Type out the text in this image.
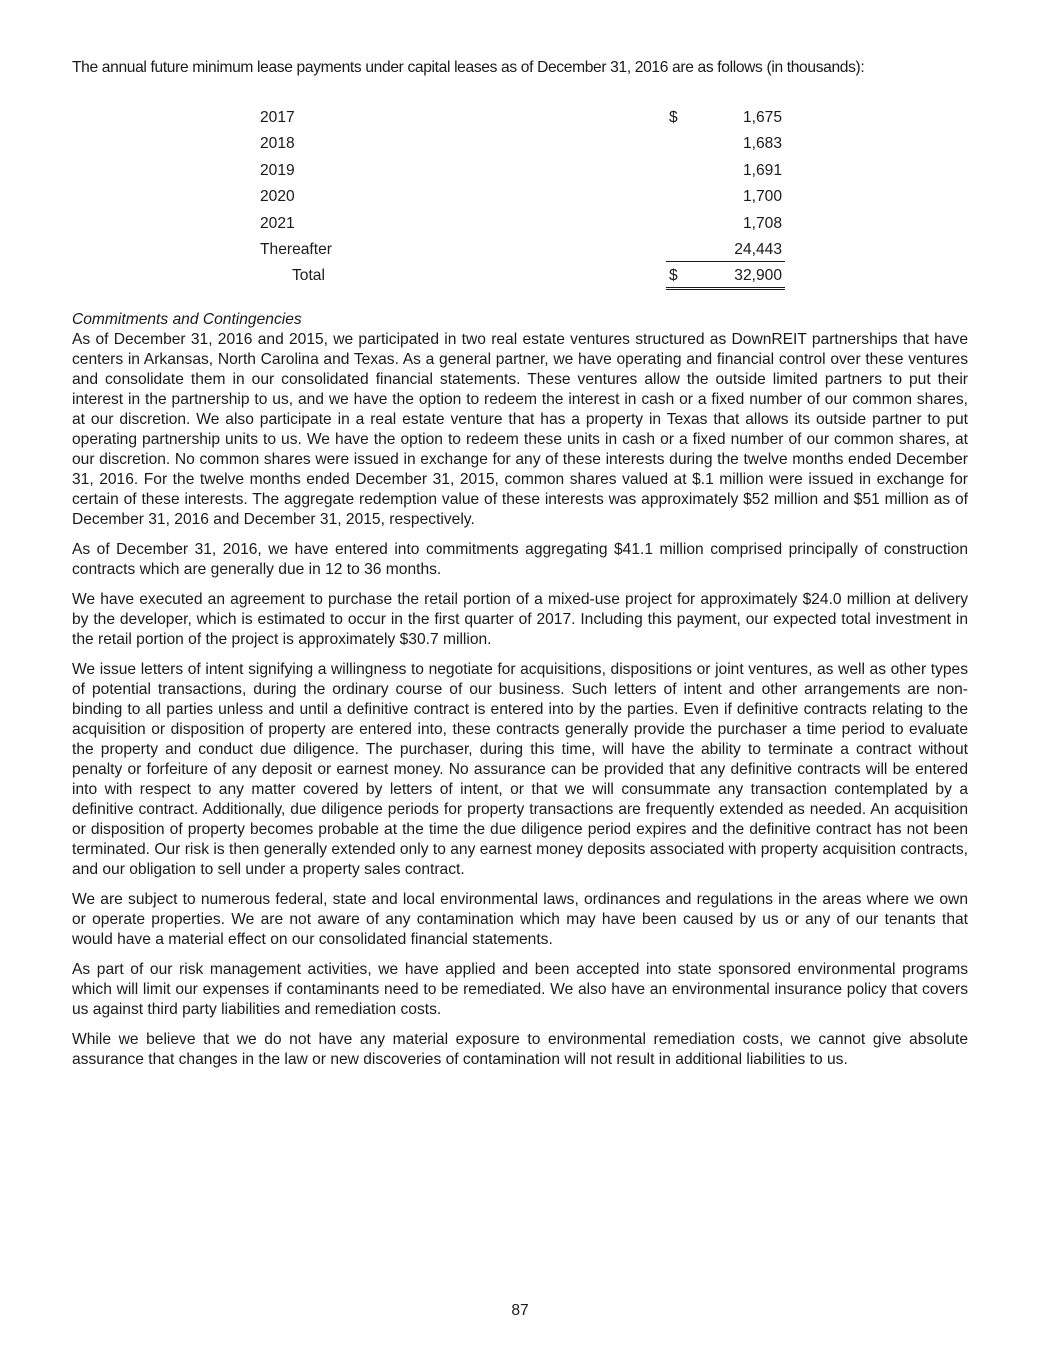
The annual future minimum lease payments under capital leases as of December 31, 2016 are as follows (in thousands):

2017	$	1,675
2018	1,683
2019	1,691
2020	1,700
2021	1,708
Thereafter	24,443
Total	$	32,900

Commitments and Contingencies

As of December 31, 2016 and 2015, we participated in two real estate ventures structured as DownREIT partnerships that have centers in Arkansas, North Carolina and Texas. As a general partner, we have operating and financial control over these ventures and consolidate them in our consolidated financial statements. These ventures allow the outside limited partners to put their interest in the partnership to us, and we have the option to redeem the interest in cash or a fixed number of our common shares, at our discretion. We also participate in a real estate venture that has a property in Texas that allows its outside partner to put operating partnership units to us. We have the option to redeem these units in cash or a fixed number of our common shares, at our discretion. No common shares were issued in exchange for any of these interests during the twelve months ended December 31, 2016. For the twelve months ended December 31, 2015, common shares valued at $.1 million were issued in exchange for certain of these interests. The aggregate redemption value of these interests was approximately $52 million and $51 million as of December 31, 2016 and December 31, 2015, respectively.

As of December 31, 2016, we have entered into commitments aggregating $41.1 million comprised principally of construction contracts which are generally due in 12 to 36 months.

We have executed an agreement to purchase the retail portion of a mixed-use project for approximately $24.0 million at delivery by the developer, which is estimated to occur in the first quarter of 2017. Including this payment, our expected total investment in the retail portion of the project is approximately $30.7 million.

We issue letters of intent signifying a willingness to negotiate for acquisitions, dispositions or joint ventures, as well as other types of potential transactions, during the ordinary course of our business. Such letters of intent and other arrangements are non-binding to all parties unless and until a definitive contract is entered into by the parties. Even if definitive contracts relating to the acquisition or disposition of property are entered into, these contracts generally provide the purchaser a time period to evaluate the property and conduct due diligence. The purchaser, during this time, will have the ability to terminate a contract without penalty or forfeiture of any deposit or earnest money. No assurance can be provided that any definitive contracts will be entered into with respect to any matter covered by letters of intent, or that we will consummate any transaction contemplated by a definitive contract. Additionally, due diligence periods for property transactions are frequently extended as needed. An acquisition or disposition of property becomes probable at the time the due diligence period expires and the definitive contract has not been terminated. Our risk is then generally extended only to any earnest money deposits associated with property acquisition contracts, and our obligation to sell under a property sales contract.

We are subject to numerous federal, state and local environmental laws, ordinances and regulations in the areas where we own or operate properties. We are not aware of any contamination which may have been caused by us or any of our tenants that would have a material effect on our consolidated financial statements.

As part of our risk management activities, we have applied and been accepted into state sponsored environmental programs which will limit our expenses if contaminants need to be remediated. We also have an environmental insurance policy that covers us against third party liabilities and remediation costs.

While we believe that we do not have any material exposure to environmental remediation costs, we cannot give absolute assurance that changes in the law or new discoveries of contamination will not result in additional liabilities to us.

87
